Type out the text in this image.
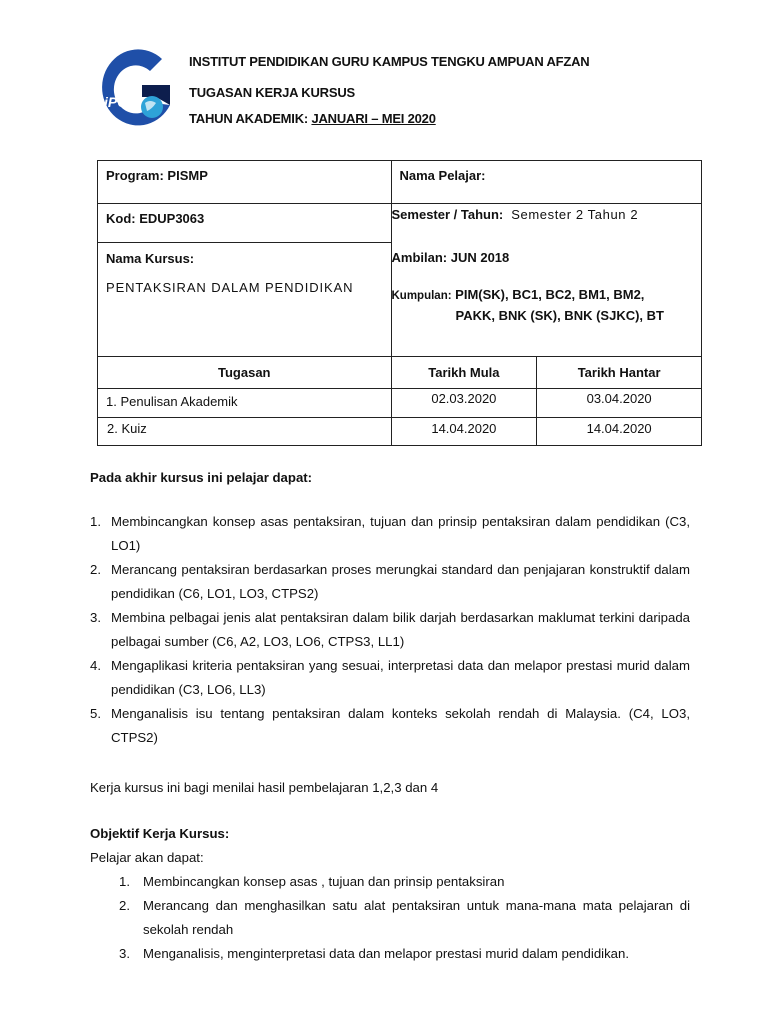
iPG
INSTITUT PENDIDIKAN GURU KAMPUS TENGKU AMPUAN AFZAN
TUGASAN KERJA KURSUS
TAHUN AKADEMIK: JANUARI – MEI 2020
Program: PISMP	Nama Pelajar:	

Kod: EDUP3063	Semester / Tahun: Semester 2 Tahun 2
Ambilan: JUN 2018
Kumpulan: PIM(SK), BC1, BC2, BM1, BM2,
PAKK, BNK (SK), BNK (SJKC), BT	

Nama Kursus:
PENTAKSIRAN DALAM PENDIDIKAN		

Tugasan	Tarikh Mula	Tarikh Hantar
1. Penulisan Akademik	02.03.2020	03.04.2020
2. Kuiz	14.04.2020	14.04.2020
Pada akhir kursus ini pelajar dapat:
1. Membincangkan konsep asas pentaksiran, tujuan dan prinsip pentaksiran dalam pendidikan (C3, LO1)
2. Merancang pentaksiran berdasarkan proses merungkai standard dan penjajaran konstruktif dalam pendidikan (C6, LO1, LO3, CTPS2)
3. Membina pelbagai jenis alat pentaksiran dalam bilik darjah berdasarkan maklumat terkini daripada pelbagai sumber (C6, A2, LO3, LO6, CTPS3, LL1)
4. Mengaplikasi kriteria pentaksiran yang sesuai, interpretasi data dan melapor prestasi murid dalam pendidikan (C3, LO6, LL3)
5. Menganalisis isu tentang pentaksiran dalam konteks sekolah rendah di Malaysia. (C4, LO3, CTPS2)
Kerja kursus ini bagi menilai hasil pembelajaran 1,2,3 dan 4
Objektif Kerja Kursus:
Pelajar akan dapat:
1. Membincangkan konsep asas , tujuan dan prinsip pentaksiran
2. Merancang dan menghasilkan satu alat pentaksiran untuk mana-mana mata pelajaran di sekolah rendah
3. Menganalisis, menginterpretasi data dan melapor prestasi murid dalam pendidikan.
